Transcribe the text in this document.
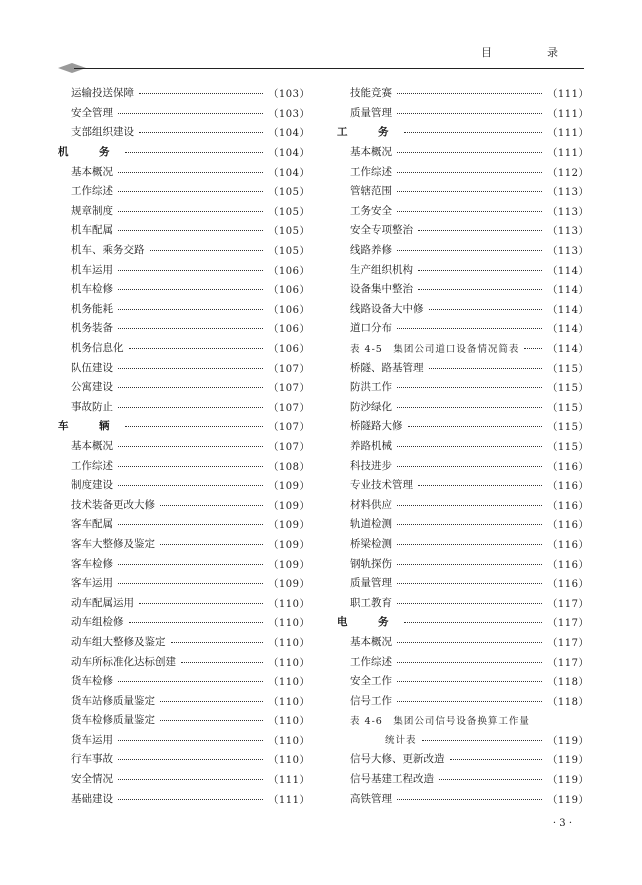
目　录
运输投送保障	（103）
安全管理	（103）
支部组织建设	（104）
机　务	（104）
基本概况	（104）
工作综述	（105）
规章制度	（105）
机车配属	（105）
机车、乘务交路	（105）
机车运用	（106）
机车检修	（106）
机务能耗	（106）
机务装备	（106）
机务信息化	（106）
队伍建设	（107）
公寓建设	（107）
事故防止	（107）
车　辆	（107）
基本概况	（107）
工作综述	（108）
制度建设	（109）
技术装备更改大修	（109）
客车配属	（109）
客车大整修及鉴定	（109）
客车检修	（109）
客车运用	（109）
动车配属运用	（110）
动车组检修	（110）
动车组大整修及鉴定	（110）
动车所标准化达标创建	（110）
货车检修	（110）
货车站修质量鉴定	（110）
货车检修质量鉴定	（110）
货车运用	（110）
行车事故	（110）
安全情况	（111）
基础建设	（111）
技能竞赛	（111）
质量管理	（111）
工　务	（111）
基本概况	（111）
工作综述	（112）
管辖范围	（113）
工务安全	（113）
安全专项整治	（113）
线路养修	（113）
生产组织机构	（114）
设备集中整治	（114）
线路设备大中修	（114）
道口分布	（114）
表 4-5　集团公司道口设备情况简表	（114）
桥隧、路基管理	（115）
防洪工作	（115）
防沙绿化	（115）
桥隧路大修	（115）
养路机械	（115）
科技进步	（116）
专业技术管理	（116）
材料供应	（116）
轨道检测	（116）
桥梁检测	（116）
钢轨探伤	（116）
质量管理	（116）
职工教育	（117）
电　务	（117）
基本概况	（117）
工作综述	（117）
安全工作	（118）
信号工作	（118）
表 4-6　集团公司信号设备换算工作量
统计表	（119）
信号大修、更新改造	（119）
信号基建工程改造	（119）
高铁管理	（119）
· 3 ·
